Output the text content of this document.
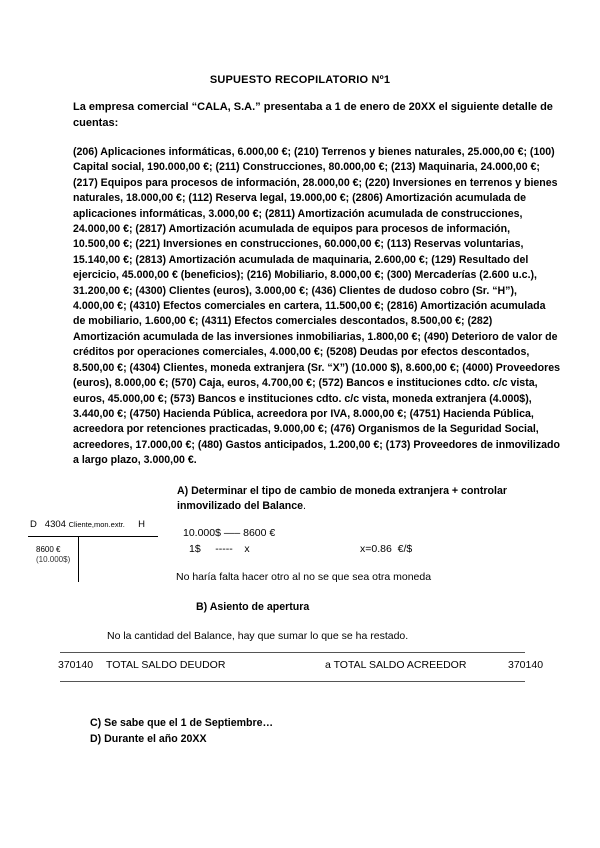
SUPUESTO RECOPILATORIO Nº1
La empresa comercial “CALA, S.A.” presentaba a 1 de enero de 20XX el siguiente detalle de cuentas:
(206) Aplicaciones informáticas, 6.000,00 €; (210) Terrenos y bienes naturales, 25.000,00 €; (100) Capital social, 190.000,00 €; (211) Construcciones, 80.000,00 €; (213) Maquinaria, 24.000,00 €; (217) Equipos para procesos de información, 28.000,00 €; (220) Inversiones en terrenos y bienes naturales, 18.000,00 €; (112) Reserva legal, 19.000,00 €; (2806) Amortización acumulada de aplicaciones informáticas, 3.000,00 €; (2811) Amortización acumulada de construcciones, 24.000,00 €; (2817) Amortización acumulada de equipos para procesos de información, 10.500,00 €; (221) Inversiones en construcciones, 60.000,00 €; (113) Reservas voluntarias, 15.140,00 €; (2813) Amortización acumulada de maquinaria, 2.600,00 €; (129) Resultado del ejercicio, 45.000,00 € (beneficios); (216) Mobiliario, 8.000,00 €; (300) Mercaderías (2.600 u.c.), 31.200,00 €; (4300) Clientes (euros), 3.000,00 €; (436) Clientes de dudoso cobro (Sr. “H”), 4.000,00 €; (4310) Efectos comerciales en cartera, 11.500,00 €; (2816) Amortización acumulada de mobiliario, 1.600,00 €; (4311) Efectos comerciales descontados, 8.500,00 €; (282) Amortización acumulada de las inversiones inmobiliarias, 1.800,00 €; (490) Deterioro de valor de créditos por operaciones comerciales, 4.000,00 €; (5208) Deudas por efectos descontados, 8.500,00 €; (4304) Clientes, moneda extranjera (Sr. “X”) (10.000 $), 8.600,00 €; (4000) Proveedores (euros), 8.000,00 €; (570) Caja, euros, 4.700,00 €; (572) Bancos e instituciones cdto. c/c vista, euros, 45.000,00 €; (573) Bancos e instituciones cdto. c/c vista, moneda extranjera (4.000$), 3.440,00 €; (4750) Hacienda Pública, acreedora por IVA, 8.000,00 €; (4751) Hacienda Pública, acreedora por retenciones practicadas, 9.000,00 €; (476) Organismos de la Seguridad Social, acreedores, 17.000,00 €; (480) Gastos anticipados, 1.200,00 €; (173) Proveedores de inmovilizado a largo plazo, 3.000,00 €.
A) Determinar el tipo de cambio de moneda extranjera + controlar inmovilizado del Balance.
D 4304 Cliente,mon.extr. H
8600 €
(10.000$)
10.000$ —– 8600 €
1$     -----    x	x=0.86  €/$
No haría falta hacer otro al no se que sea otra moneda
B) Asiento de apertura
No la cantidad del Balance, hay que sumar lo que se ha restado.
370140 TOTAL SALDO DEUDOR	a TOTAL SALDO ACREEDOR	370140
C) Se sabe que el 1 de Septiembre…
D) Durante el año 20XX
